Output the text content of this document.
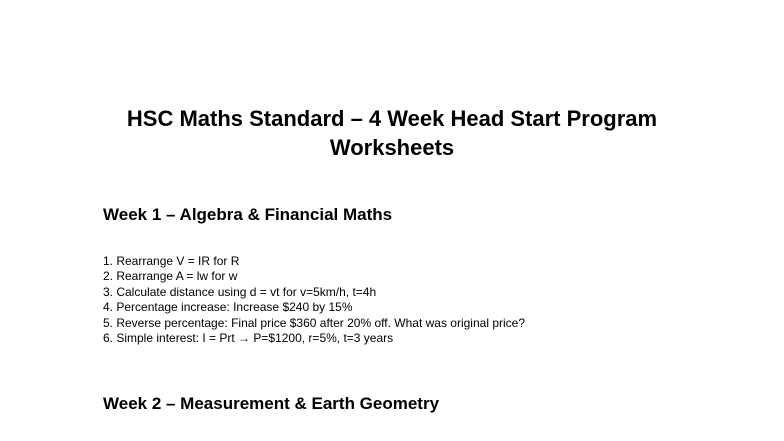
HSC Maths Standard – 4 Week Head Start Program
Worksheets
Week 1 – Algebra & Financial Maths
1. Rearrange V = IR for R
2. Rearrange A = lw for w
3. Calculate distance using d = vt for v=5km/h, t=4h
4. Percentage increase: Increase $240 by 15%
5. Reverse percentage: Final price $360 after 20% off. What was original price?
6. Simple interest: I = Prt → P=$1200, r=5%, t=3 years
Week 2 – Measurement & Earth Geometry
